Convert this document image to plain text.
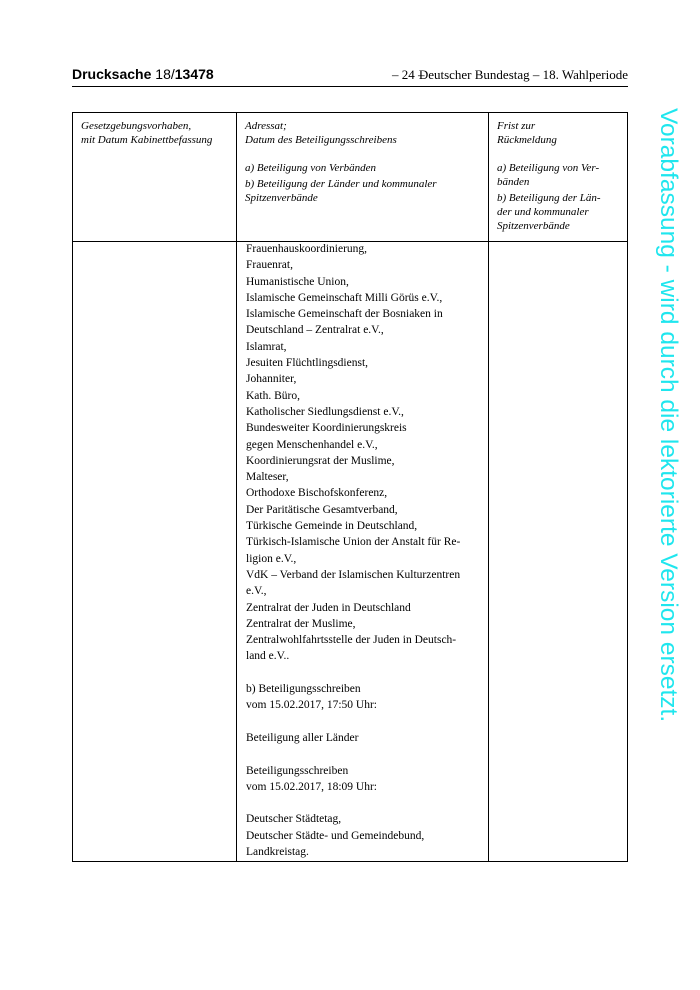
Drucksache 18/13478	– 24 –
Deutscher Bundestag – 18. Wahlperiode
Gesetzgebungsvorhaben,
mit Datum Kabinettbefassung
Adressat;
Datum des Beteiligungsschreibens
a) Beteiligung von Verbänden
b) Beteiligung der Länder und kommunaler
Spitzenverbände
Frist zur
Rückmeldung
a) Beteiligung von Ver-
bänden
b) Beteiligung der Län-
der und kommunaler
Spitzenverbände
Frauenhauskoordinierung,
Frauenrat,
Humanistische Union,
Islamische Gemeinschaft Milli Görüs e.V.,
Islamische Gemeinschaft der Bosniaken in
Deutschland – Zentralrat e.V.,
Islamrat,
Jesuiten Flüchtlingsdienst,
Johanniter,
Kath. Büro,
Katholischer Siedlungsdienst e.V.,
Bundesweiter Koordinierungskreis
gegen Menschenhandel e.V.,
Koordinierungsrat der Muslime,
Malteser,
Orthodoxe Bischofskonferenz,
Der Paritätische Gesamtverband,
Türkische Gemeinde in Deutschland,
Türkisch-Islamische Union der Anstalt für Re-
ligion e.V.,
VdK – Verband der Islamischen Kulturzentren
e.V.,
Zentralrat der Juden in Deutschland
Zentralrat der Muslime,
Zentralwohlfahrtsstelle der Juden in Deutsch-
land e.V..
b) Beteiligungsschreiben
vom 15.02.2017, 17:50 Uhr:
Beteiligung aller Länder
Beteiligungsschreiben
vom 15.02.2017, 18:09 Uhr:
Deutscher Städtetag,
Deutscher Städte- und Gemeindebund,
Landkreistag.
Vorabfassung - wird durch die lektorierte Version ersetzt.
